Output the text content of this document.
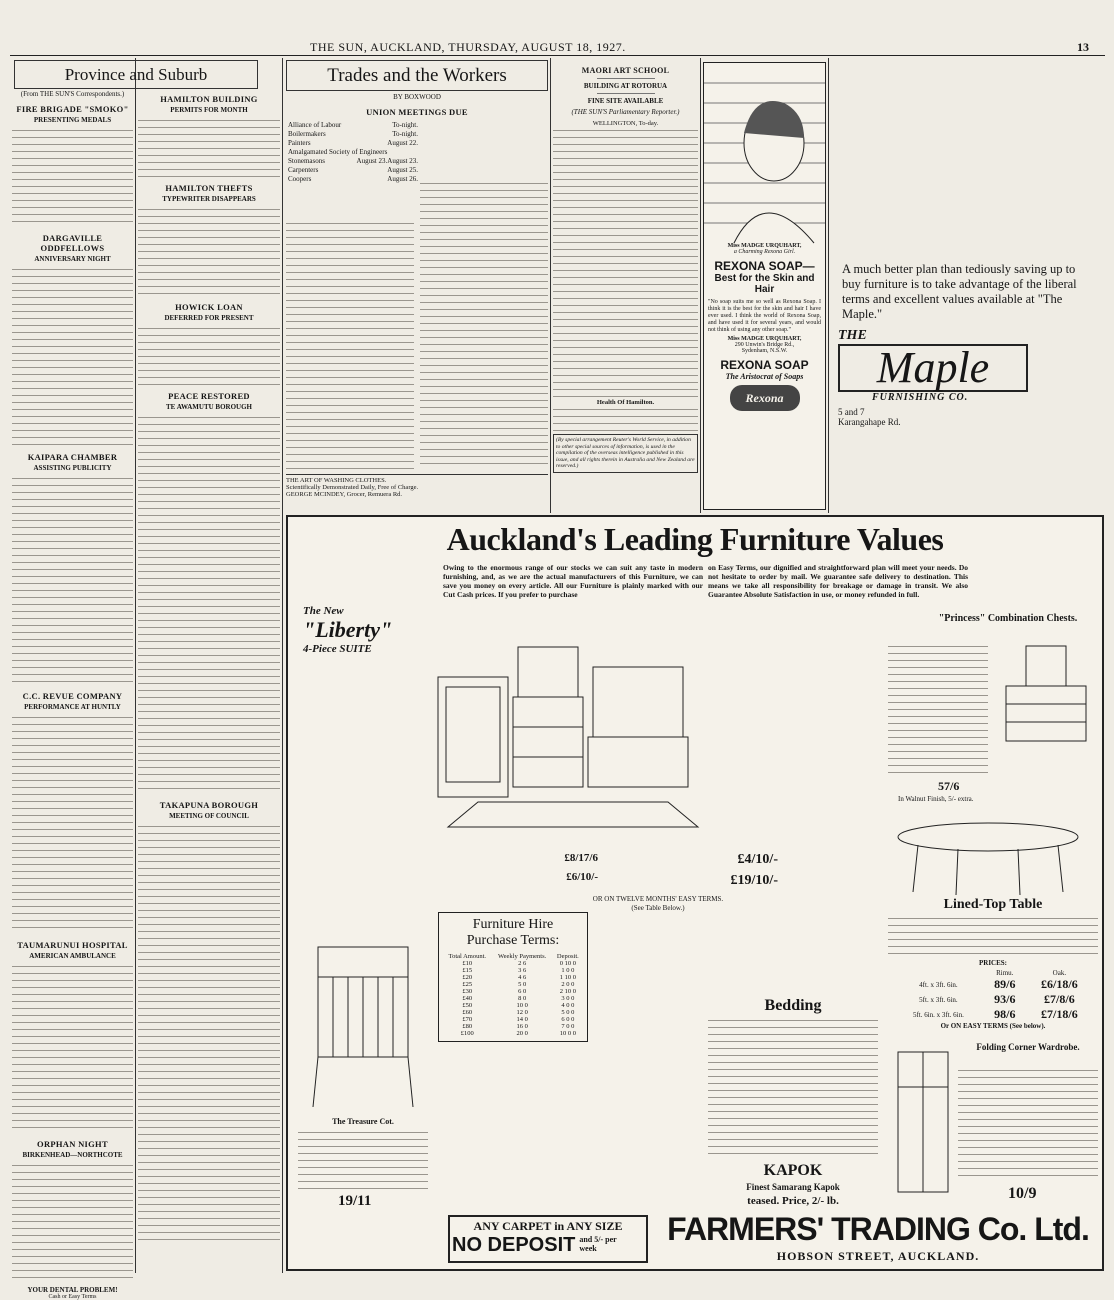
THE SUN, AUCKLAND, THURSDAY, AUGUST 18, 1927.	13
Province and Suburb
(From THE SUN'S Correspondents.)
FIRE BRIGADE "SMOKO"
PRESENTING MEDALS
DARGAVILLE ODDFELLOWS
ANNIVERSARY NIGHT
KAIPARA CHAMBER
ASSISTING PUBLICITY
C.C. REVUE COMPANY
PERFORMANCE AT HUNTLY
TAUMARUNUI HOSPITAL
AMERICAN AMBULANCE
ORPHAN NIGHT
BIRKENHEAD—NORTHCOTE
YOUR DENTAL PROBLEM!
Cash or Easy Terms
HAMILTON BUILDING
PERMITS FOR MONTH
HAMILTON THEFTS
TYPEWRITER DISAPPEARS
HOWICK LOAN
DEFERRED FOR PRESENT
PEACE RESTORED
TE AWAMUTU BOROUGH
TAKAPUNA BOROUGH
MEETING OF COUNCIL
Trades and the Workers
BY BOXWOOD
UNION MEETINGS DUE
Alliance of Labour	To-night.
Boilermakers	To-night.
Painters	August 22.
Amalgamated Society of Engineers
August 23.
Stonemasons	August 23.
Carpenters	August 25.
Coopers	August 26.
THE ART OF WASHING CLOTHES.
Scientifically Demonstrated Daily, Free of Charge.
GEORGE MCINDEY, Grocer, Remuera Rd.
MAORI ART SCHOOL
BUILDING AT ROTORUA
FINE SITE AVAILABLE
(THE SUN'S Parliamentary Reporter.)
WELLINGTON, To-day.
Health Of Hamilton.
(By special arrangement Reuter's World Service, in addition to other special sources of information, is used in the compilation of the overseas intelligence published in this issue, and all rights therein in Australia and New Zealand are reserved.)
Miss MADGE URQUHART,
a Charming Rexona Girl.
REXONA SOAP—
Best for the Skin and Hair
"No soap suits me so well as Rexona Soap. I think it is the best for the skin and hair I have ever used. I think the world of Rexona Soap, and have used it for several years, and would not think of using any other soap."
Miss MADGE URQUHART,
290 Unwin's Bridge Rd.,
Sydenham, N.S.W.
REXONA SOAP
The Aristocrat of Soaps
Rexona
A much better plan than tediously saving up to buy furniture is to take advantage of the liberal terms and excellent values available at "The Maple."
THE
Maple
FURNISHING CO.
5 and 7
Karangahape Rd.
Auckland's Leading Furniture Values
Owing to the enormous range of our stocks we can suit any taste in modern furnishing, and, as we are the actual manufacturers of this Furniture, we can save you money on every article. All our Furniture is plainly marked with our Cut Cash prices. If you prefer to purchase
on Easy Terms, our dignified and straightforward plan will meet your needs. Do not hesitate to order by mail. We guarantee safe delivery to destination. This means we take all responsibility for breakage or damage in transit. We also Guarantee Absolute Satisfaction in use, or money refunded in full.
The New
"Liberty"
4-Piece SUITE
£8/17/6
£6/10/-
£4/10/-
£19/10/-
OR ON TWELVE MONTHS' EASY TERMS.
(See Table Below.)
"Princess" Combination Chests.
57/6
In Walnut Finish, 5/- extra.
Lined-Top Table
PRICES:
	Rimu.	Oak.
4ft. x 3ft. 6in.	89/6	£6/18/6
5ft. x 3ft. 6in.	93/6	£7/8/6
5ft. 6in. x 3ft. 6in.	98/6	£7/18/6
Or ON EASY TERMS (See below).
The Treasure Cot.
19/11
Furniture Hire
Purchase Terms:
Total Amount.	Weekly Payments.	Deposit.
£10	2 6	0 10 0
£15	3 6	1 0 0
£20	4 6	1 10 0
£25	5 0	2 0 0
£30	6 0	2 10 0
£40	8 0	3 0 0
£50	10 0	4 0 0
£60	12 0	5 0 0
£70	14 0	6 0 0
£80	16 0	7 0 0
£100	20 0	10 0 0
Bedding
KAPOK
Finest Samarang Kapok
teased. Price, 2/- lb.
Folding Corner Wardrobe.
10/9
ANY CARPET in ANY SIZE
NO DEPOSIT and 5/- per week
FARMERS' TRADING Co. Ltd.
HOBSON STREET, AUCKLAND.
